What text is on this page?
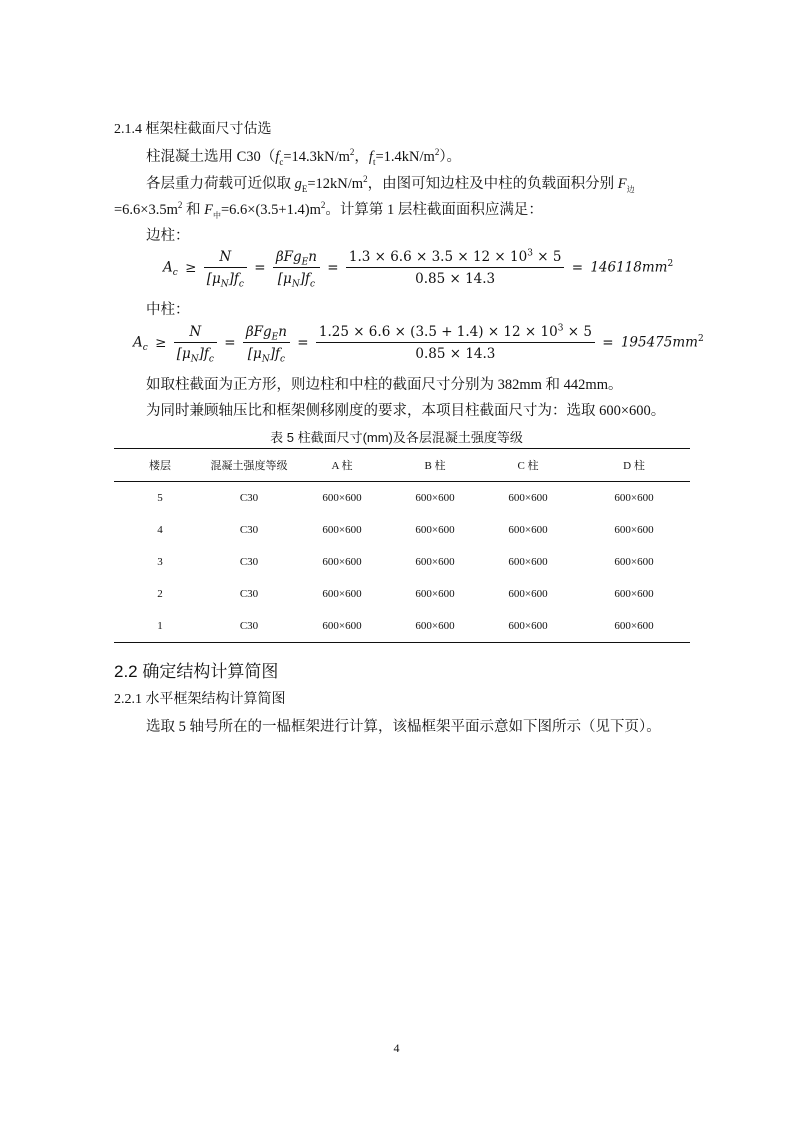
2.1.4 框架柱截面尺寸估选
柱混凝土选用 $C30(f_c=14.3kN/m^2$，$f_t=1.4kN/m^2$）。
各层重力荷载可近似取 $g_E=12kN/m^2$，由图可知边柱及中柱的负载面积分别 $F_边$
$=6.6\times 3.5m^2$ 和 $F_中=6.6\times(3.5+1.4)m^2$。计算第 1 层柱截面面积应满足：
边柱：
$A_c \ge \frac{N}{[\mu_N]f_c} = \frac{\beta Fg_En}{[\mu_N]f_c} = \frac{1.3 \times 6.6 \times 3.5 \times 12 \times 10^3 \times 5}{0.85 \times 14.3} = 146118mm^2$
中柱：
$A_c \ge \frac{N}{[\mu_N]f_c} = \frac{\beta Fg_En}{[\mu_N]f_c} = \frac{1.25 \times 6.6 \times (3.5 + 1.4) \times 12 \times 10^3 \times 5}{0.85 \times 14.3} = 195475mm^2$
如取柱截面为正方形，则边柱和中柱的截面尺寸分别为 382mm 和 442mm。
为同时兼顾轴压比和框架侧移刚度的要求，本项目柱截面尺寸为：选取 600×600。
表 5 柱截面尺寸(mm)及各层混凝土强度等级
楼层	混凝土强度等级	A 柱	B 柱	C 柱	D 柱
5	C30	600×600	600×600	600×600	600×600
4	C30	600×600	600×600	600×600	600×600
3	C30	600×600	600×600	600×600	600×600
2	C30	600×600	600×600	600×600	600×600
1	C30	600×600	600×600	600×600	600×600
2.2 确定结构计算简图
2.2.1 水平框架结构计算简图
选取 5 轴号所在的一榀框架进行计算，该榀框架平面示意如下图所示（见下页）。
4
